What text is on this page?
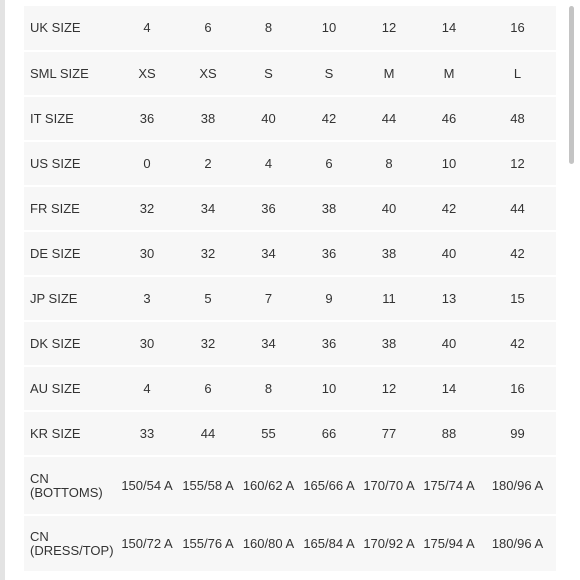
UK SIZE	4	6	8	10	12	14	16
SML SIZE	XS	XS	S	S	M	M	L
IT SIZE	36	38	40	42	44	46	48
US SIZE	0	2	4	6	8	10	12
FR SIZE	32	34	36	38	40	42	44
DE SIZE	30	32	34	36	38	40	42
JP SIZE	3	5	7	9	11	13	15
DK SIZE	30	32	34	36	38	40	42
AU SIZE	4	6	8	10	12	14	16
KR SIZE	33	44	55	66	77	88	99
CN (BOTTOMS)	150/54 A	155/58 A	160/62 A	165/66 A	170/70 A	175/74 A	180/96 A
CN (DRESS/TOP)	150/72 A	155/76 A	160/80 A	165/84 A	170/92 A	175/94 A	180/96 A
